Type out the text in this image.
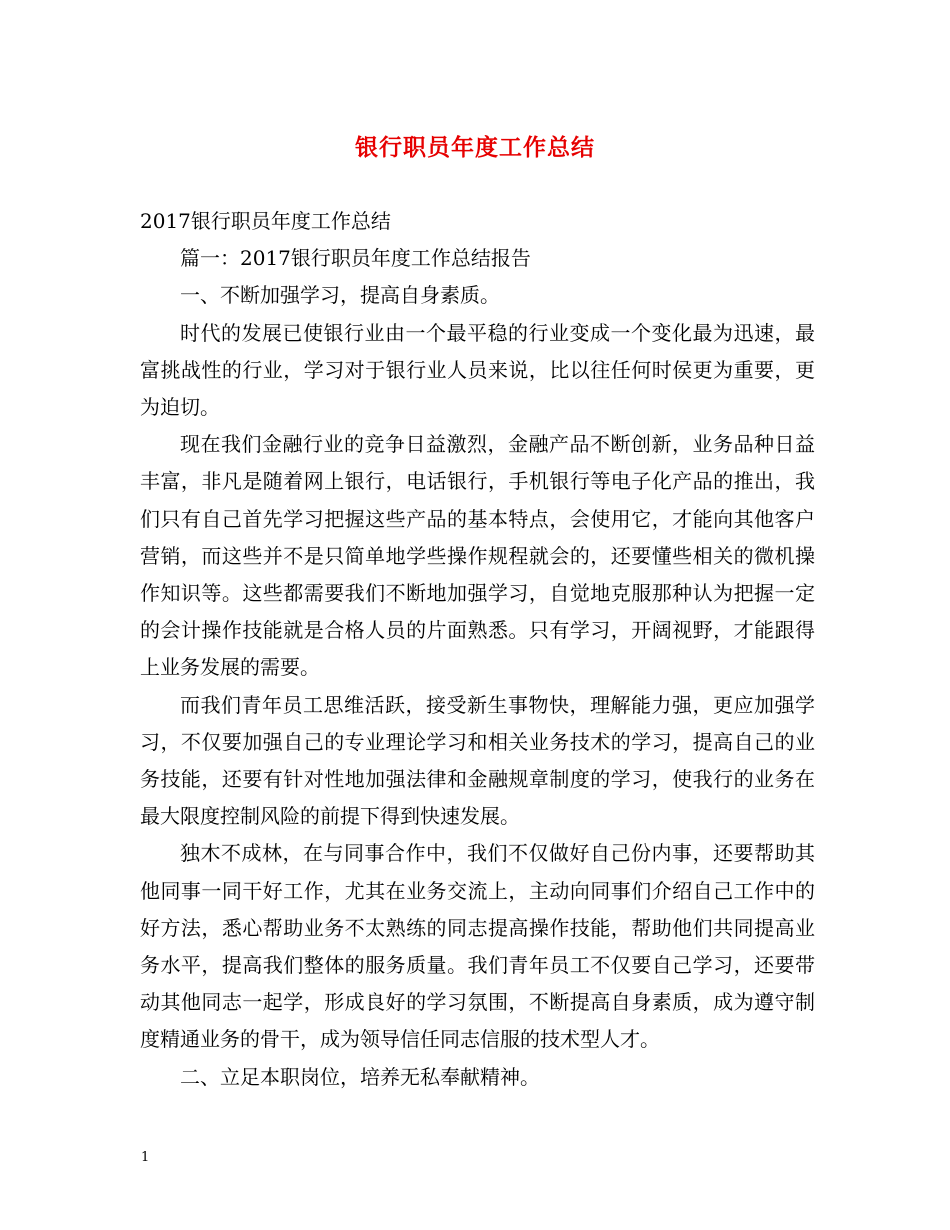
银行职员年度工作总结

2017银行职员年度工作总结

篇一：2017银行职员年度工作总结报告

一、不断加强学习，提高自身素质。

时代的发展已使银行业由一个最平稳的行业变成一个变化最为迅速，最富挑战性的行业，学习对于银行业人员来说，比以往任何时侯更为重要，更为迫切。

现在我们金融行业的竞争日益激烈，金融产品不断创新，业务品种日益丰富，非凡是随着网上银行，电话银行，手机银行等电子化产品的推出，我们只有自己首先学习把握这些产品的基本特点，会使用它，才能向其他客户营销，而这些并不是只简单地学些操作规程就会的，还要懂些相关的微机操作知识等。这些都需要我们不断地加强学习，自觉地克服那种认为把握一定的会计操作技能就是合格人员的片面熟悉。只有学习，开阔视野，才能跟得上业务发展的需要。

而我们青年员工思维活跃，接受新生事物快，理解能力强，更应加强学习，不仅要加强自己的专业理论学习和相关业务技术的学习，提高自己的业务技能，还要有针对性地加强法律和金融规章制度的学习，使我行的业务在最大限度控制风险的前提下得到快速发展。

独木不成林，在与同事合作中，我们不仅做好自己份内事，还要帮助其他同事一同干好工作，尤其在业务交流上，主动向同事们介绍自己工作中的好方法，悉心帮助业务不太熟练的同志提高操作技能，帮助他们共同提高业务水平，提高我们整体的服务质量。我们青年员工不仅要自己学习，还要带动其他同志一起学，形成良好的学习氛围，不断提高自身素质，成为遵守制度精通业务的骨干，成为领导信任同志信服的技术型人才。

二、立足本职岗位，培养无私奉献精神。

1
